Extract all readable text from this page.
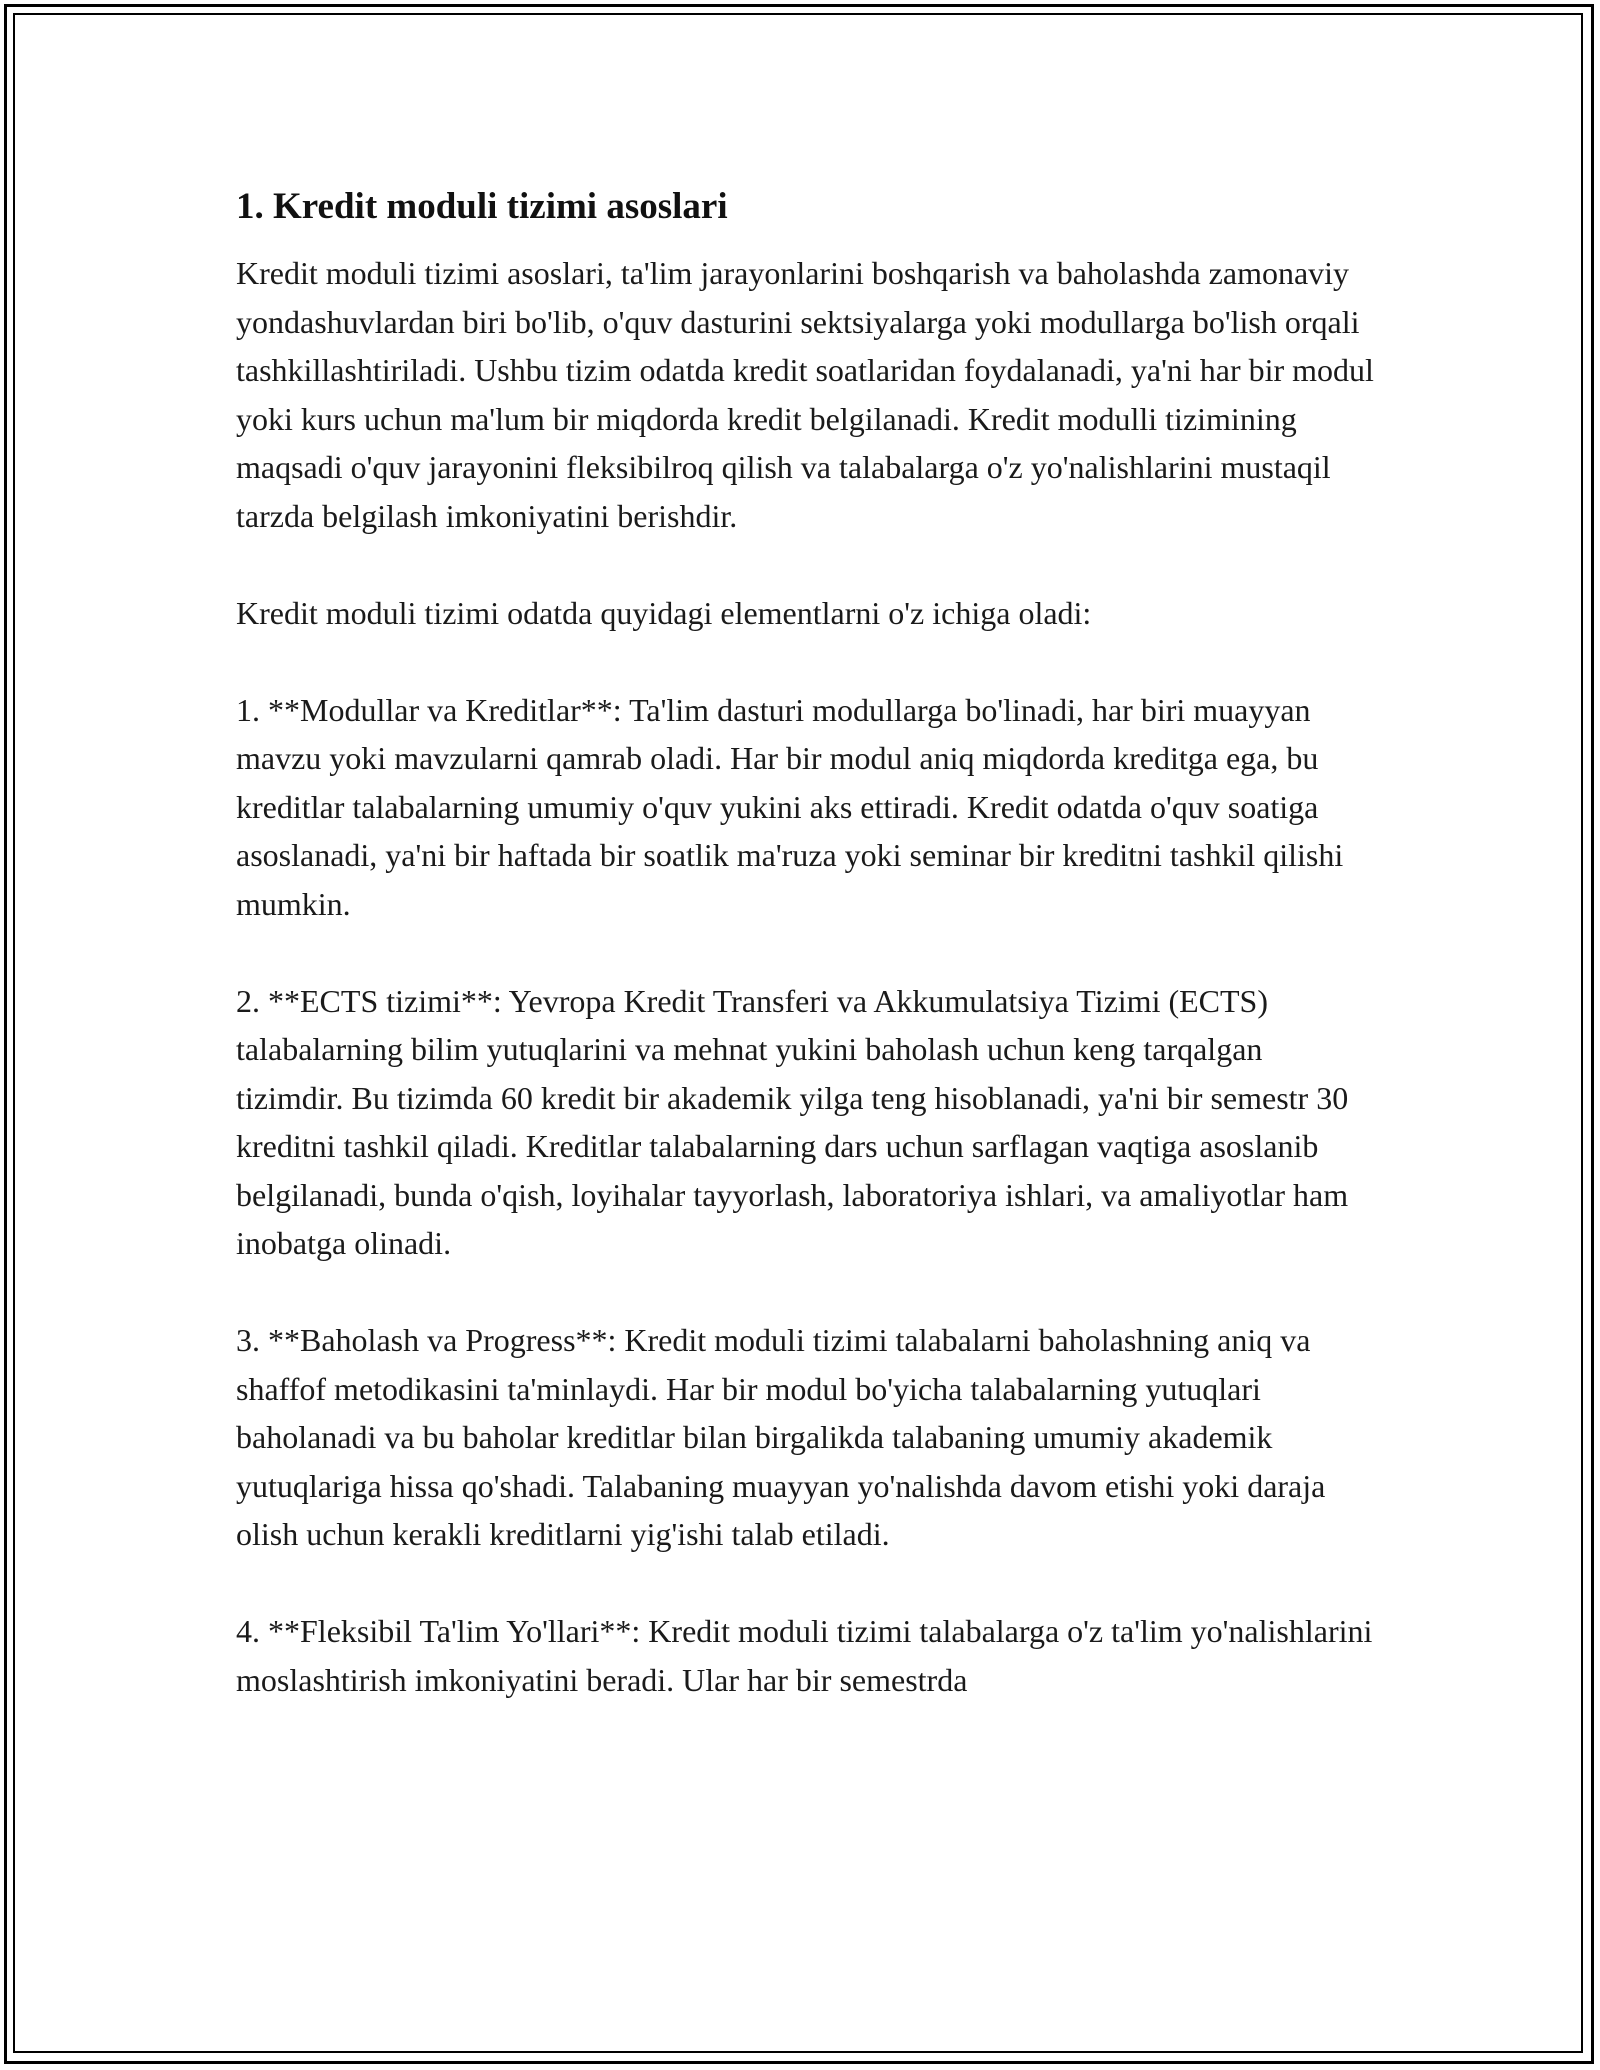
1. Kredit moduli tizimi asoslari

Kredit moduli tizimi asoslari, ta'lim jarayonlarini boshqarish va baholashda zamonaviy yondashuvlardan biri bo'lib, o'quv dasturini sektsiyalarga yoki modullarga bo'lish orqali tashkillashtiriladi. Ushbu tizim odatda kredit soatlaridan foydalanadi, ya'ni har bir modul yoki kurs uchun ma'lum bir miqdorda kredit belgilanadi. Kredit modulli tizimining maqsadi o'quv jarayonini fleksibilroq qilish va talabalarga o'z yo'nalishlarini mustaqil tarzda belgilash imkoniyatini berishdir.

Kredit moduli tizimi odatda quyidagi elementlarni o'z ichiga oladi:

1. **Modullar va Kreditlar**: Ta'lim dasturi modullarga bo'linadi, har biri muayyan mavzu yoki mavzularni qamrab oladi. Har bir modul aniq miqdorda kreditga ega, bu kreditlar talabalarning umumiy o'quv yukini aks ettiradi. Kredit odatda o'quv soatiga asoslanadi, ya'ni bir haftada bir soatlik ma'ruza yoki seminar bir kreditni tashkil qilishi mumkin.

2. **ECTS tizimi**: Yevropa Kredit Transferi va Akkumulatsiya Tizimi (ECTS) talabalarning bilim yutuqlarini va mehnat yukini baholash uchun keng tarqalgan tizimdir. Bu tizimda 60 kredit bir akademik yilga teng hisoblanadi, ya'ni bir semestr 30 kreditni tashkil qiladi. Kreditlar talabalarning dars uchun sarflagan vaqtiga asoslanib belgilanadi, bunda o'qish, loyihalar tayyorlash, laboratoriya ishlari, va amaliyotlar ham inobatga olinadi.

3. **Baholash va Progress**: Kredit moduli tizimi talabalarni baholashning aniq va shaffof metodikasini ta'minlaydi. Har bir modul bo'yicha talabalarning yutuqlari baholanadi va bu baholar kreditlar bilan birgalikda talabaning umumiy akademik yutuqlariga hissa qo'shadi. Talabaning muayyan yo'nalishda davom etishi yoki daraja olish uchun kerakli kreditlarni yig'ishi talab etiladi.

4. **Fleksibil Ta'lim Yo'llari**: Kredit moduli tizimi talabalarga o'z ta'lim yo'nalishlarini moslashtirish imkoniyatini beradi. Ular har bir semestrda
